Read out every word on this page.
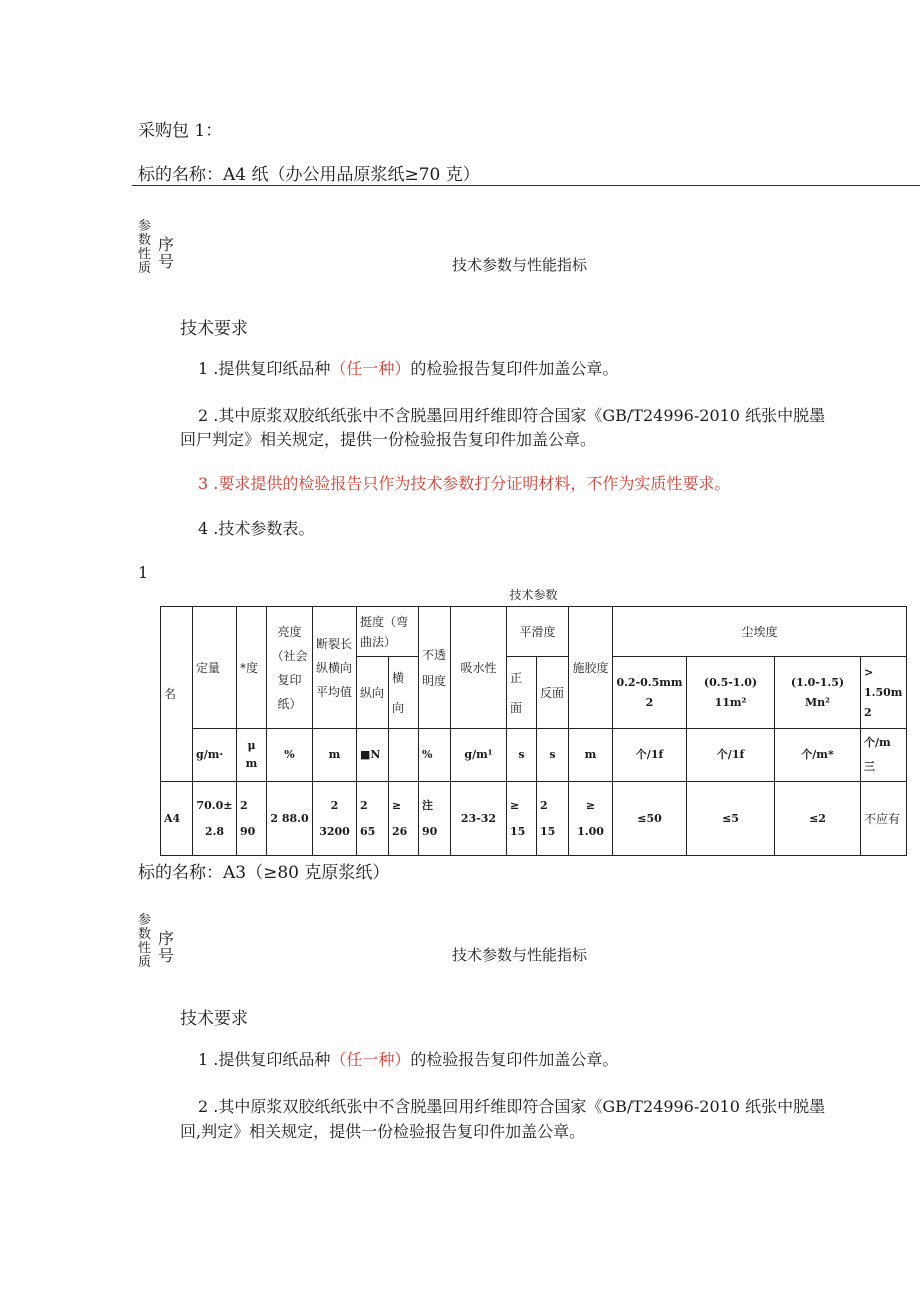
采购包 1：
标的名称：A4 纸（办公用品原浆纸≥70 克）
参数性质
序号	技术参数与性能指标
技术要求
1 .提供复印纸品种（任一种）的检验报告复印件加盖公章。
2 .其中原浆双胶纸纸张中不含脱墨回用纤维即符合国家《GB/T24996-2010 纸张中脱墨
回尸判定》相关规定，提供一份检验报告复印件加盖公章。
3 .要求提供的检验报告只作为技术参数打分证明材料，不作为实质性要求。
4 .技术参数表。
1
技术参数															
名	定量	*度	亮度（社会复印纸）	断裂长纵横向平均值	挺度（弯曲法）		不透明度	吸水性	平滑度		施胶度	尘埃度			
					纵向	横向			正面	反面		0.2-0.5mm 2	(0.5-1.0) 11m²	(1.0-1.5) Mn²	> 1.50m 2
	g/m·	μ m	%	m	■N		%	g/m¹	s	s	m	个/1f	个/1f	个/m*	个/m 三
A4	70.0± 2.8	2 90	2 88.0	2 3200	2 65	≥ 26	注 90	23-32	≥ 15	2 15	≥ 1.00	≤50	≤5	≤2	不应有
标的名称：A3（≥80 克原浆纸）
参数性质
序号	技术参数与性能指标
技术要求
1 .提供复印纸品种（任一种）的检验报告复印件加盖公章。
2 .其中原浆双胶纸纸张中不含脱墨回用纤维即符合国家《GB/T24996-2010 纸张中脱墨
回,判定》相关规定，提供一份检验报告复印件加盖公章。
